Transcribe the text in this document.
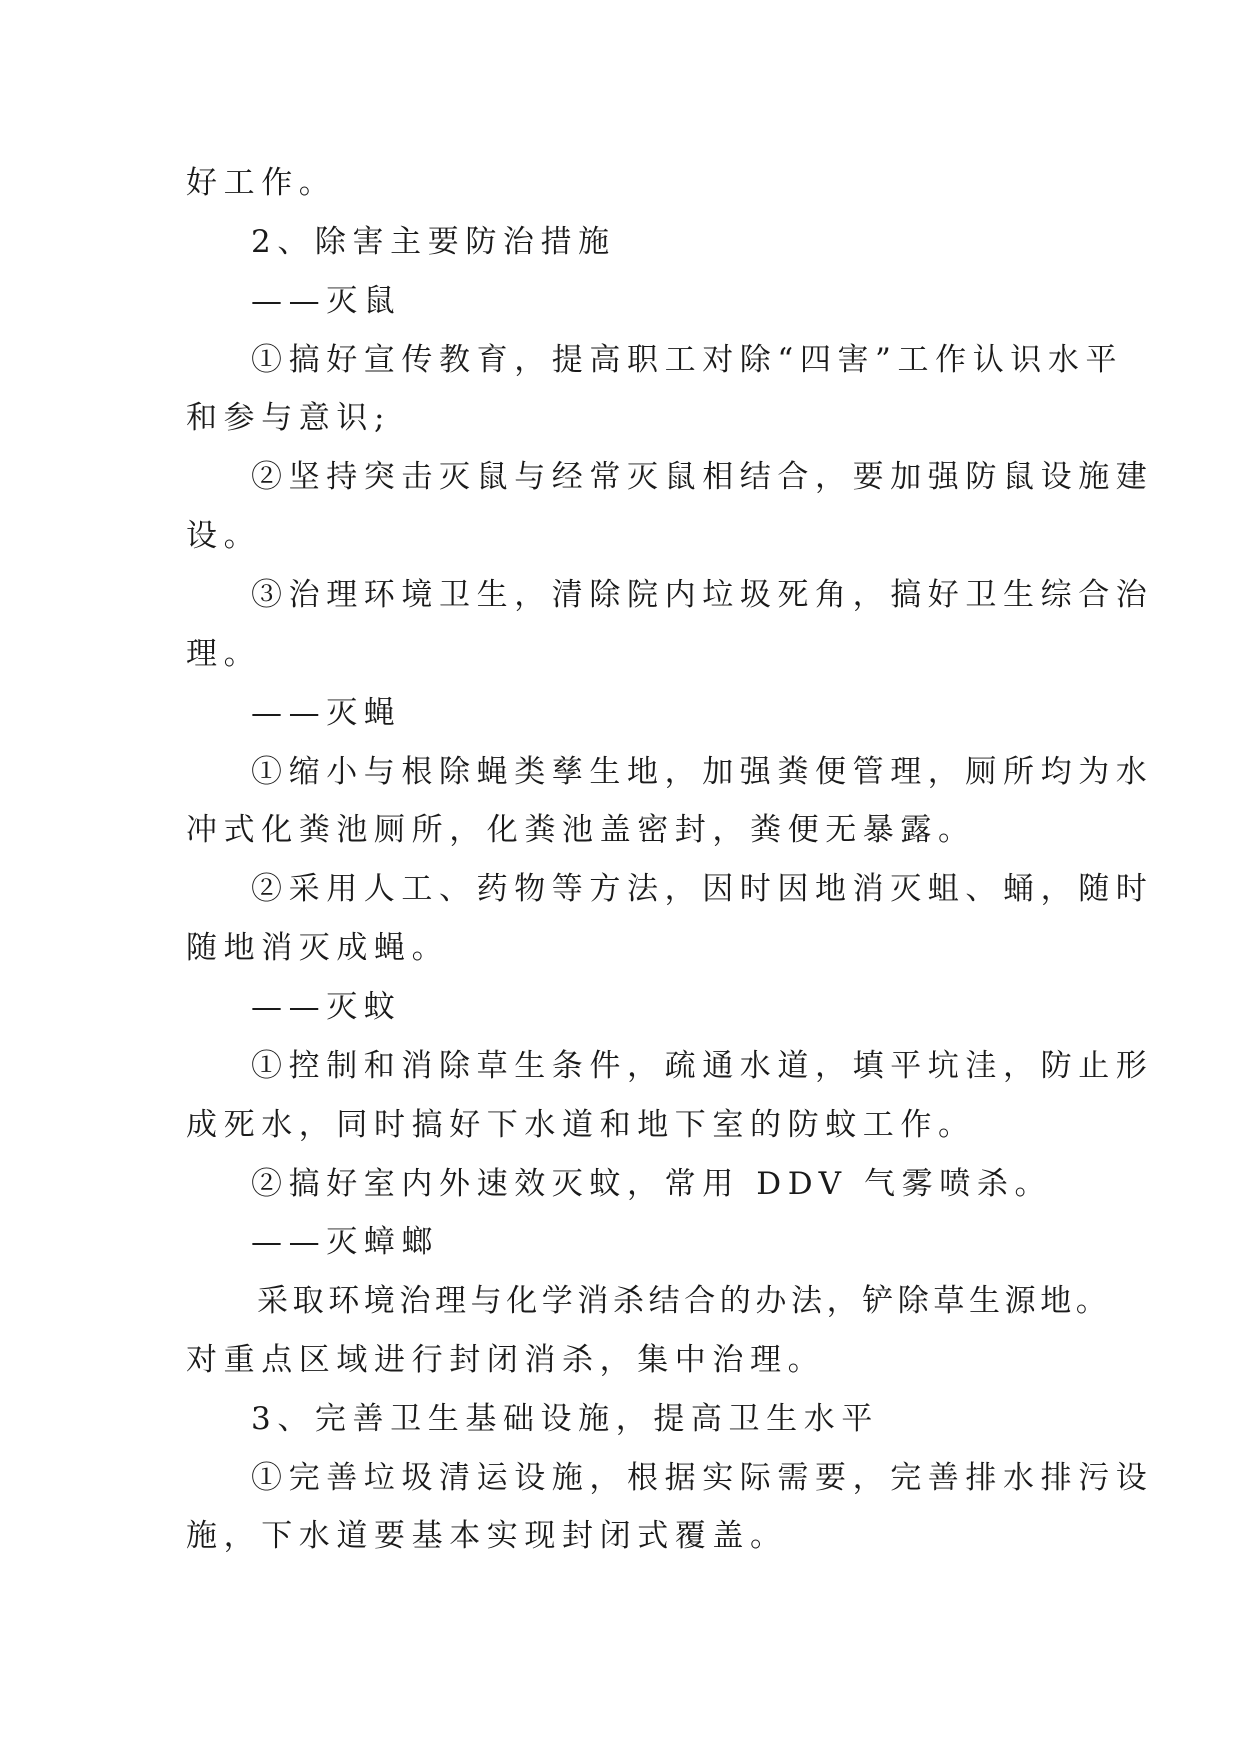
好工作。

2、除害主要防治措施

——灭鼠

①搞好宣传教育，提高职工对除“四害”工作认识水平

和参与意识;

②坚持突击灭鼠与经常灭鼠相结合，要加强防鼠设施建

设。

③治理环境卫生，清除院内垃圾死角，搞好卫生综合治

理。

——灭蝇

①缩小与根除蝇类孳生地，加强粪便管理，厕所均为水

冲式化粪池厕所，化粪池盖密封，粪便无暴露。

②采用人工、药物等方法，因时因地消灭蛆、蛹，随时

随地消灭成蝇。

——灭蚊

①控制和消除草生条件，疏通水道，填平坑洼，防止形

成死水，同时搞好下水道和地下室的防蚊工作。

②搞好室内外速效灭蚊，常用 DDV 气雾喷杀。

——灭蟑螂

采取环境治理与化学消杀结合的办法，铲除草生源地。

对重点区域进行封闭消杀，集中治理。

3、完善卫生基础设施，提高卫生水平

①完善垃圾清运设施，根据实际需要，完善排水排污设

施，下水道要基本实现封闭式覆盖。
